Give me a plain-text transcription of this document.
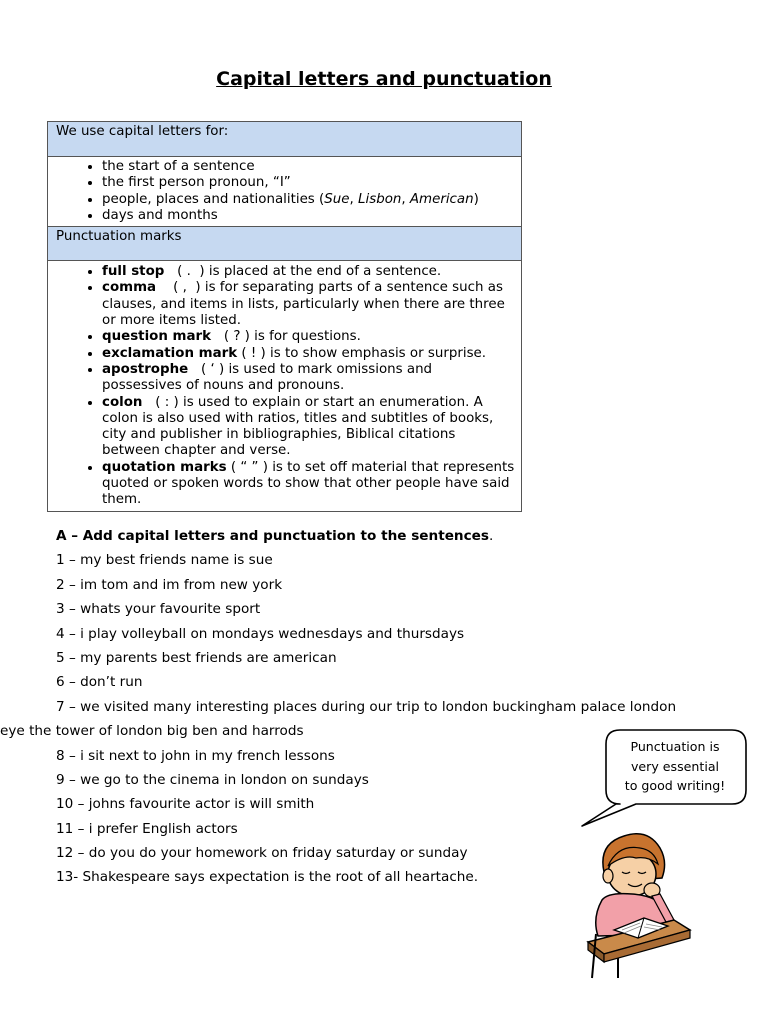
Capital letters and punctuation
We use capital letters for:

• the start of a sentence
• the first person pronoun, “I”
• people, places and nationalities (Sue, Lisbon, American)
• days and months

Punctuation marks

• full stop   ( .  ) is placed at the end of a sentence.
• comma    ( ,  ) is for separating parts of a sentence such as clauses, and items in lists, particularly when there are three or more items listed.
• question mark   ( ? ) is for questions.
• exclamation mark ( ! ) is to show emphasis or surprise.
• apostrophe   ( ‘ ) is used to mark omissions and possessives of nouns and pronouns.
• colon   ( : ) is used to explain or start an enumeration. A colon is also used with ratios, titles and subtitles of books, city and publisher in bibliographies, Biblical citations between chapter and verse.
• quotation marks ( “ ” ) is to set off material that represents quoted or spoken words to show that other people have said them.
A – Add capital letters and punctuation to the sentences.
1 – my best friends name is sue
2 – im tom and im from new york
3 – whats your favourite sport
4 – i play volleyball on mondays wednesdays and thursdays
5 – my parents best friends are american
6 – don’t run
7 – we visited many interesting places during our trip to london buckingham palace london
eye the tower of london big ben and harrods
8 – i sit next to john in my french lessons
9 – we go to the cinema in london on sundays
10 – johns favourite actor is will smith
11 – i prefer English actors
12 – do you do your homework on friday saturday or sunday
13- Shakespeare says expectation is the root of all heartache.
Punctuation is
very essential
to good writing!
